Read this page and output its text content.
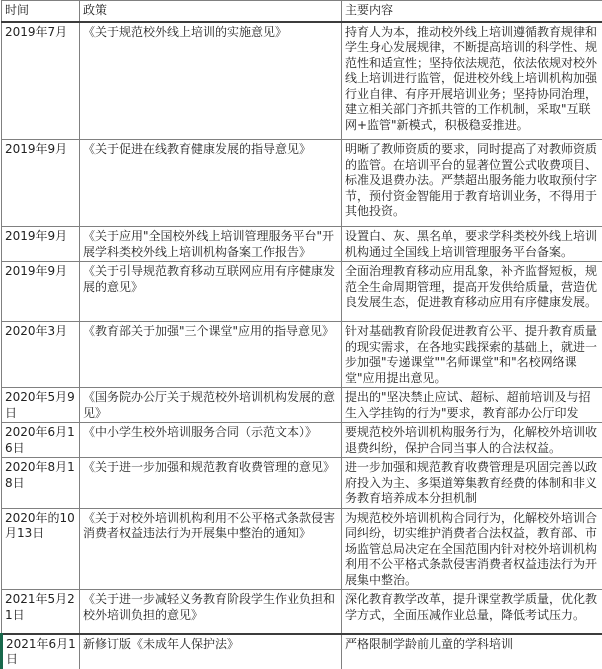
时间	政策	主要内容
2019年7月	《关于规范校外线上培训的实施意见》	持育人为本，推动校外线上培训遵循教育规律和学生身心发展规律，不断提高培训的科学性、规范性和适宣性；坚持依法规范，依法依规对校外线上培训进行监管，促进校外线上培训机构加强行业自律、有序开展培训业务；坚持协同治理，建立相关部门齐抓共管的工作机制，采取"互联网+监管"新模式，积极稳妥推进。
2019年9月	《关于促进在线教育健康发展的指导意见》	明晰了教师资质的要求，同时提高了对教师资质的监管。在培训平台的显著位置公式收费项目、标准及退费办法。严禁超出服务能力收取预付字节，预付资金智能用于教育培训业务，不得用于其他投资。
2019年9月	《关于应用"全国校外线上培训管理服务平台"开展学科类校外线上培训机构备案工作报告》	设置白、灰、黑名单，要求学科类校外线上培训机构通过全国线上培训管理服务平台备案。
2019年9月	《关于引导规范教育移动互联网应用有序健康发展的意见》	全面治理教育移动应用乱象，补齐监督短板，规范全生命周期管理，提高开发供给质量，营造优良发展生态，促进教育移动应用有序健康发展。
2020年3月	《教育部关于加强"三个课堂"应用的指导意见》	针对基础教育阶段促进教育公平、提升教育质量的现实需求，在各地实践探索的基础上，就进一步加强"专递课堂""名师课堂"和"名校网络课堂"应用提出意见。
2020年5月9日	《国务院办公厅关于规范校外培训机构发展的意见》	提出的"坚决禁止应试、超标、超前培训及与招生入学挂钩的行为"要求，教育部办公厅印发
2020年6月16日	《中小学生校外培训服务合同（示范文本）》	要规范校外培训机构服务行为，化解校外培训收退费纠纷，保护合同当事人的合法权益。
2020年8月18日	《关于进一步加强和规范教育收费管理的意见》	进一步加强和规范教育收费管理是巩固完善以政府投入为主、多渠道筹集教育经费的体制和非义务教育培养成本分担机制
2020年的10月13日	《关于对校外培训机构利用不公平格式条款侵害消费者权益违法行为开展集中整治的通知》	为规范校外培训机构合同行为，化解校外培训合同纠纷，切实维护消费者合法权益，教育部、市场监管总局决定在全国范围内针对校外培训机构利用不公平格式条款侵害消费者权益违法行为开展集中整治。
2021年5月21日	《关于进一步减轻义务教育阶段学生作业负担和校外培训负担的意见》	深化教育教学改革，提升课堂教学质量，优化教学方式，全面压减作业总量，降低考试压力。
2021年6月1日	新修订版《未成年人保护法》	严格限制学龄前儿童的学科培训
